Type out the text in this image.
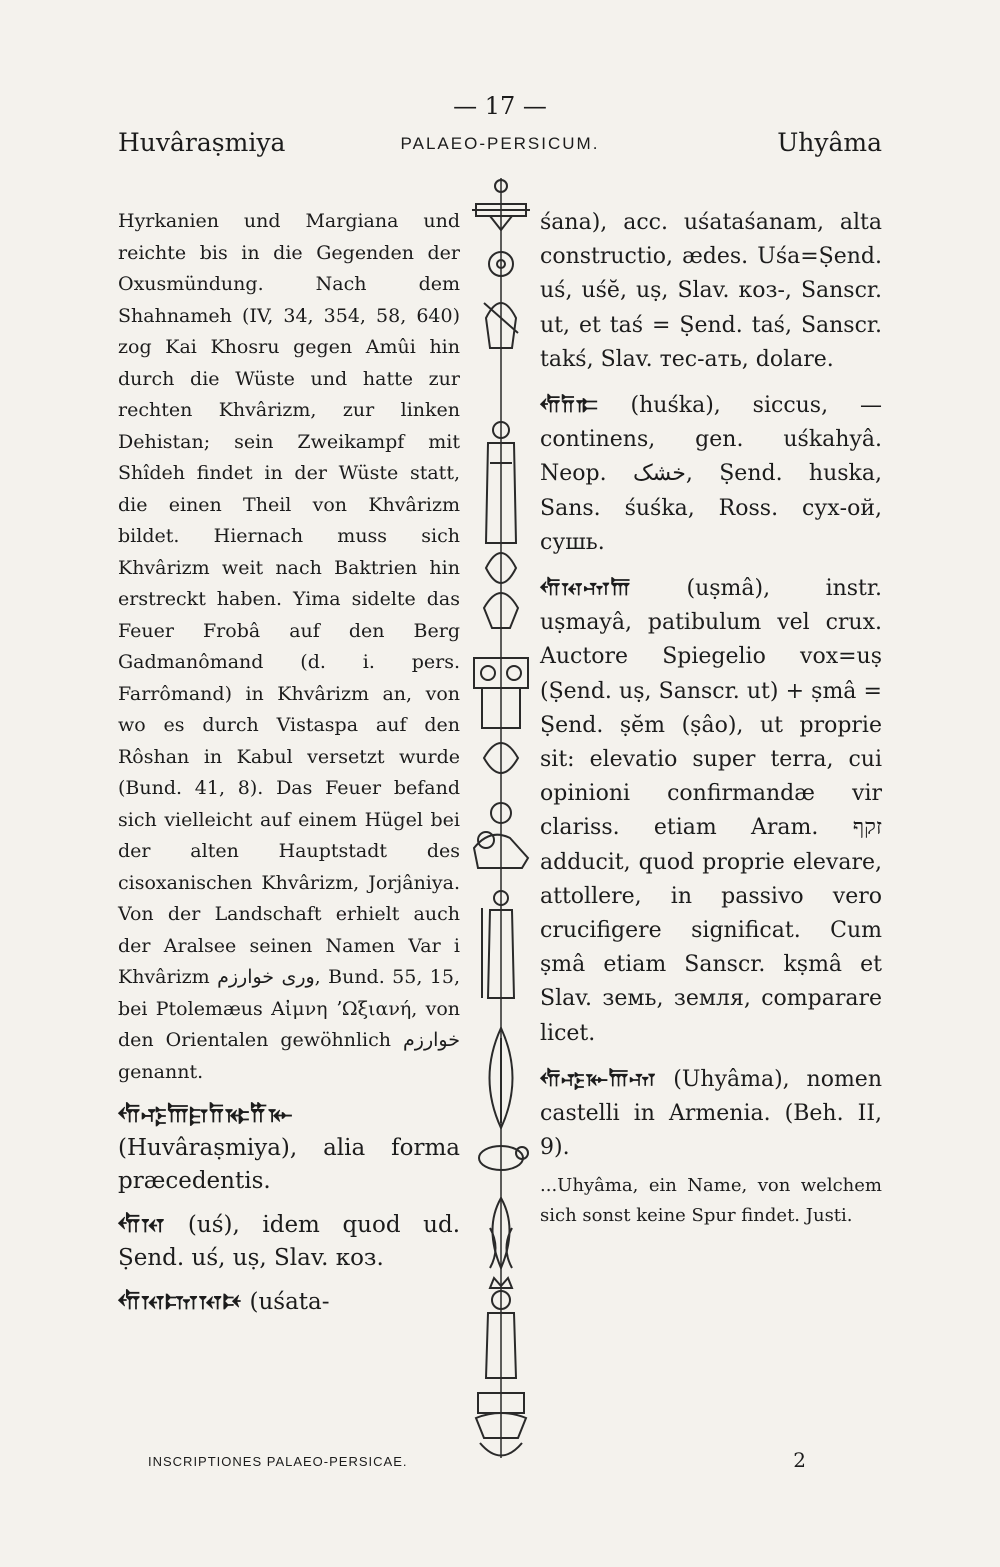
— 17 —
Huvâraṣmiya	PALAEO-PERSICUM.	Uhyâma

Hyrkanien und Margiana und reichte bis in die Gegenden der Oxusmündung. Nach dem Shahnameh (IV, 34, 354, 58, 640) zog Kai Khosru gegen Amûi hin durch die Wüste und hatte zur rechten Khvârizm, zur linken Dehistan; sein Zweikampf mit Shîdeh findet in der Wüste statt, die einen Theil von Khvârizm bildet. Hiernach muss sich Khvârizm weit nach Baktrien hin erstreckt haben. Yima sidelte das Feuer Frobâ auf den Berg Gadmanômand (d. i. pers. Farrômand) in Khvârizm an, von wo es durch Vistaspa auf den Rôshan in Kabul versetzt wurde (Bund. 41, 8). Das Feuer befand sich vielleicht auf einem Hügel bei der alten Hauptstadt des cisoxanischen Khvârizm, Jorjâniya. Von der Landschaft erhielt auch der Aralsee seinen Namen Var i Khvârizm ورى خوارزم, Bund. 55, 15, bei Ptolemæus Αἰμνη ʼΩξιανή, von den Orientalen gewöhnlich خوارزم genannt.

𐎢𐎺𐎠𐎼𐎭𐎷𐎡𐎹
(Huvâraṣmiya), alia forma præcedentis.

𐎢𐎰 (uś), idem quod ud. Ṣend. uś, uṣ, Slav. коз.

𐎢𐎰𐎫𐎰𐎴 (uśata-

śana), acc. uśataśanam, alta constructio, ædes. Uśa=Ṣend. uś, uśĕ, uṣ, Slav. коз-, Sanscr. ut, et taś = Ṣend. taś, Sanscr. takś, Slav. тес-ать, dolare.

𐎢𐎭𐎣 (huśka), siccus, —continens, gen. uśkahyâ. Neop. خشک, Ṣend. huska, Sans. śuśka, Ross. сух-ой, сушь.

𐎢𐎰𐎶𐎠	(uṣmâ), instr. uṣmayâ, patibulum vel crux. Auctore Spiegelio vox=uṣ (Ṣend. uṣ, Sanscr. ut) + ṣmâ = Ṣend. ṣĕm (ṣâo), ut proprie sit: elevatio super terra, cui opinioni confirmandæ vir clariss. etiam Aram. זקף adducit, quod proprie elevare, attollere, in passivo vero crucifigere significat. Cum ṣmâ etiam Sanscr. kṣmâ et Slav. земь, земля, comparare licet.

𐎢𐎺𐎹𐎠𐎶 (Uhyâma), nomen castelli in Armenia. (Beh. II, 9).

...Uhyâma, ein Name, von welchem sich sonst keine Spur findet. Justi.

INSCRIPTIONES PALAEO-PERSICAE.	2
